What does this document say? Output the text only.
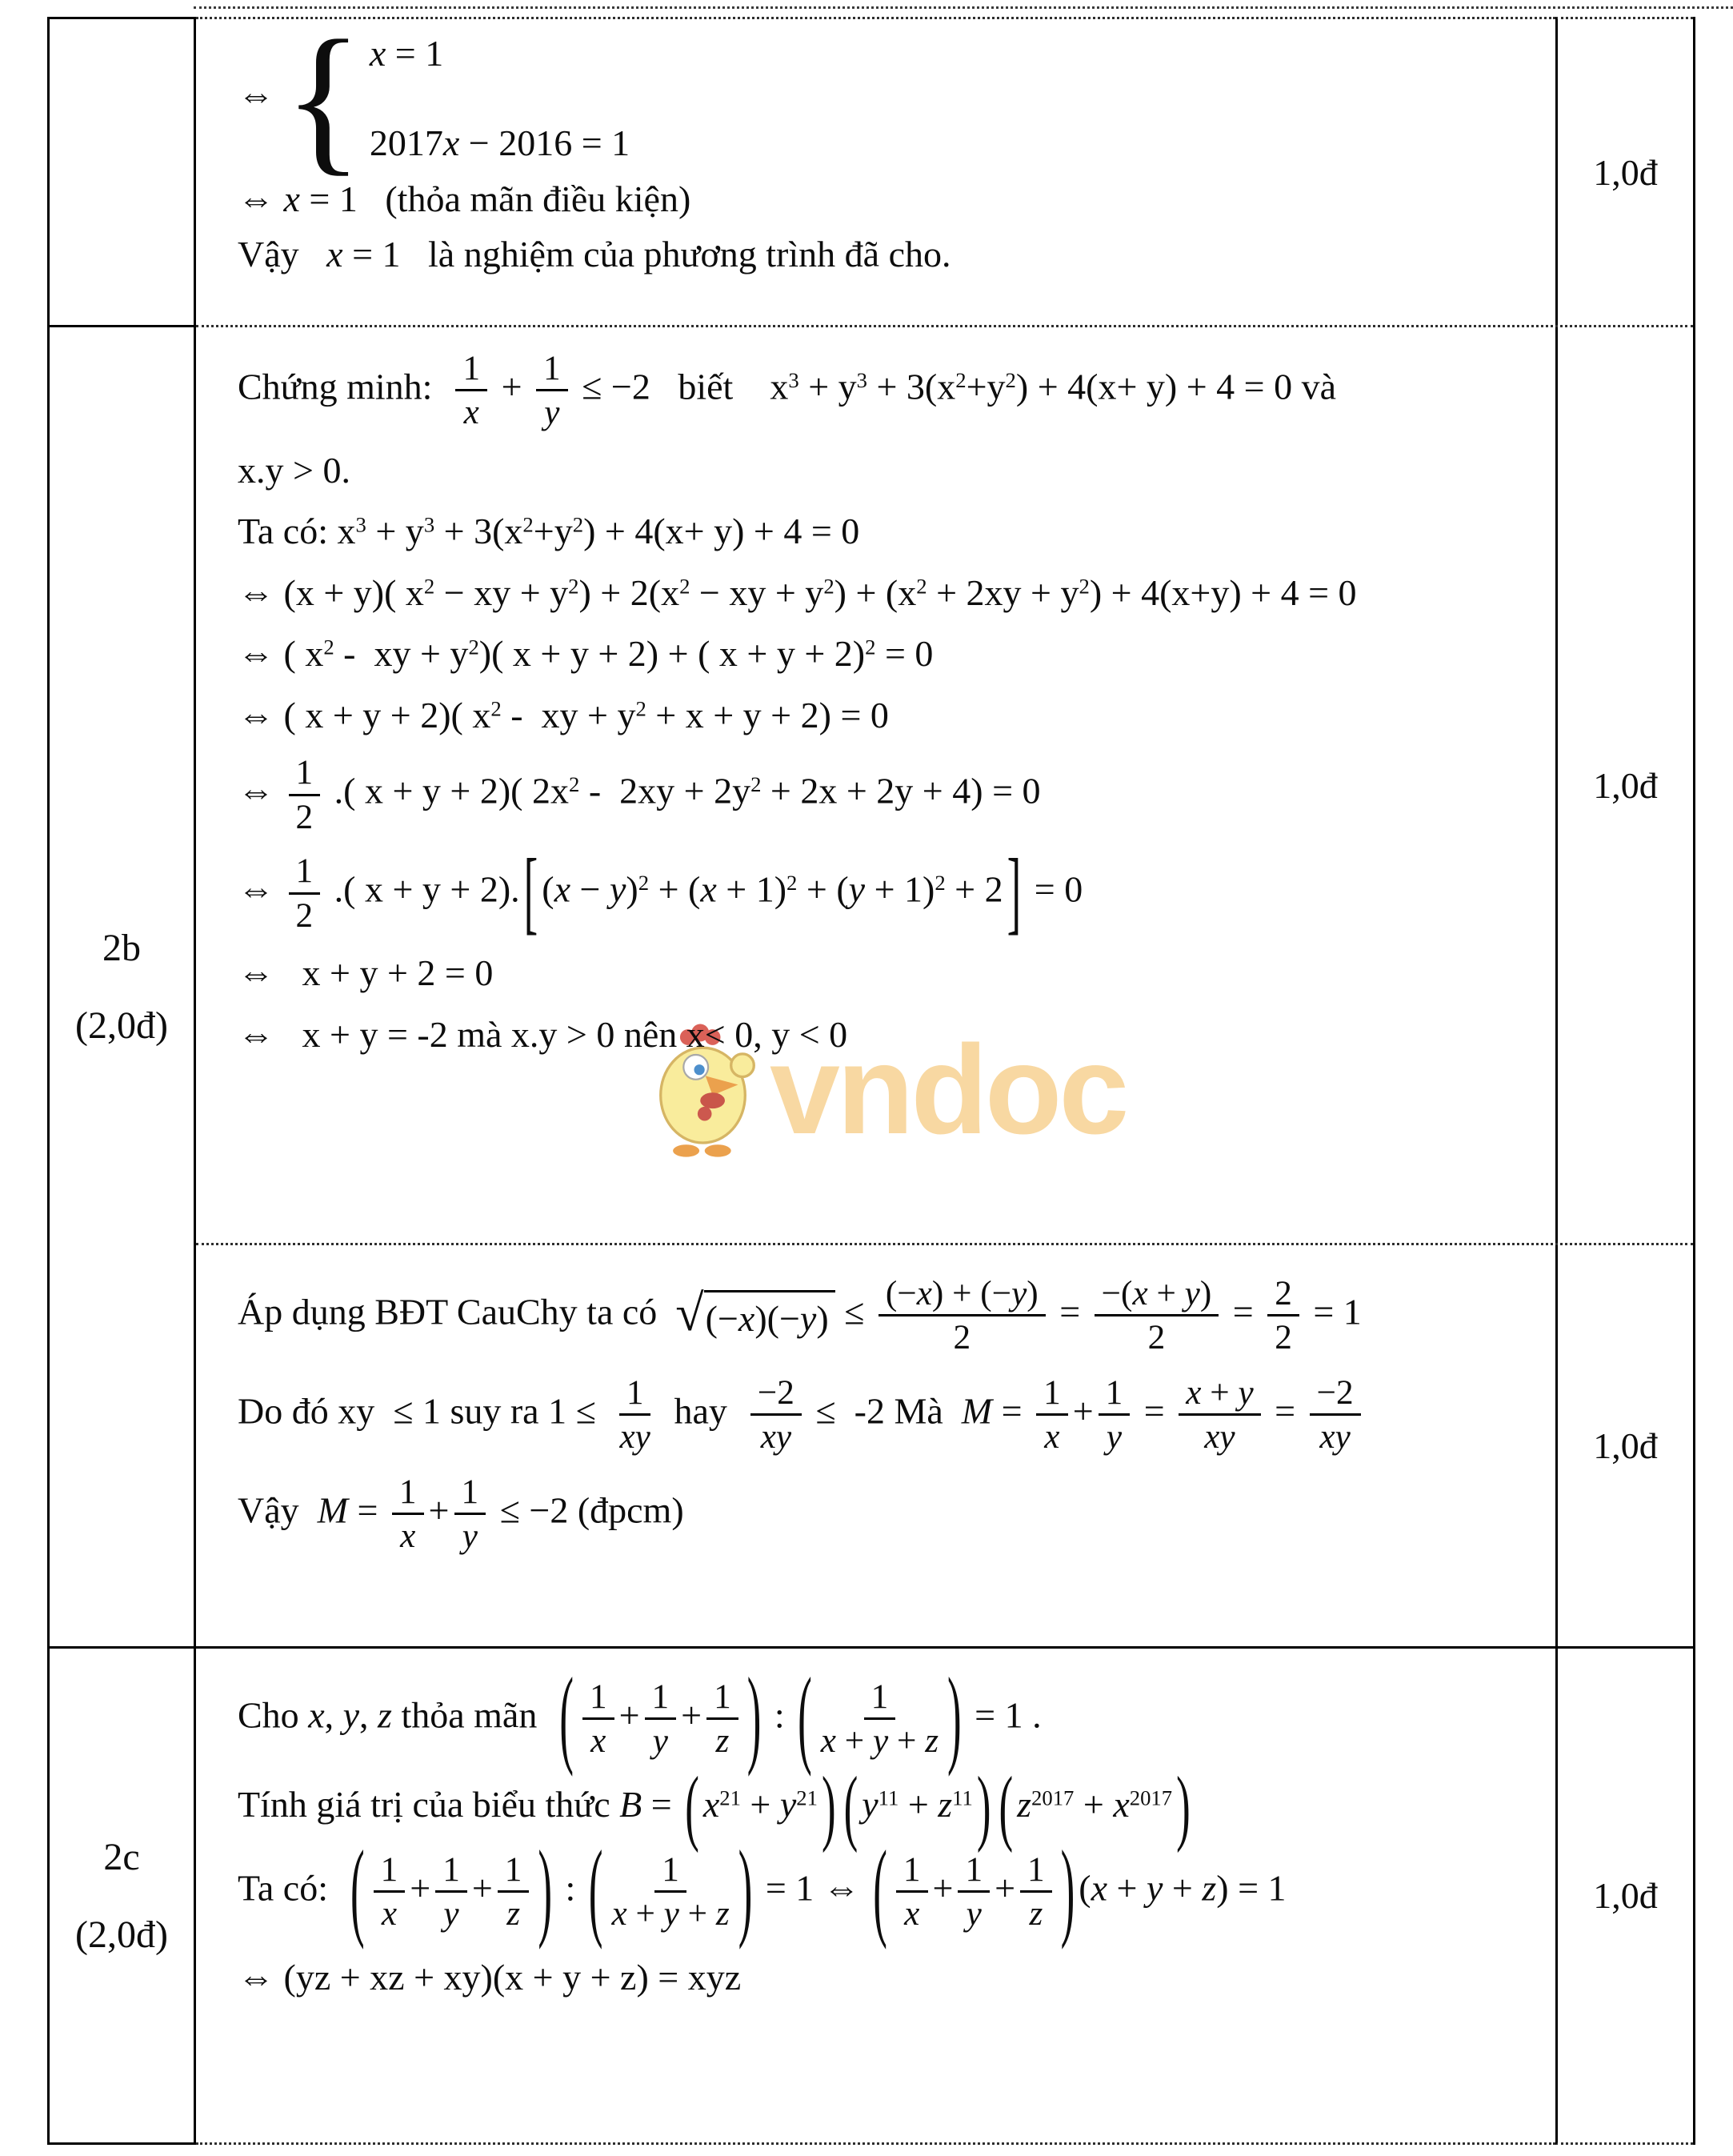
vndoc
⇔ { x = 1
2017x − 2016 = 1
⇔ x = 1   (thỏa mãn điều kiện)
Vậy   x = 1   là nghiệm của phương trình đã cho.
1,0đ
2b
(2,0đ)
Chứng minh: $\frac{1}{x} + \frac{1}{y} \le -2$   biết    $x^3 + y^3 + 3(x^2+y^2) + 4(x+ y) + 4 = 0$ và
x.y > 0.
Ta có: $x^3 + y^3 + 3(x^2+y^2) + 4(x+ y) + 4 = 0$
⇔ (x + y)( $x^2$ − xy + $y^2) + 2(x^2$ − xy + $y^2) + (x^2 + 2xy + y^2) + 4(x+y) + 4 = 0$
⇔ ( $x^2$ -  xy + $y^2$)( x + y + 2) + ( x + y + 2)$^2$ = 0
⇔ ( x + y + 2)( $x^2$ -  xy + $y^2 + x + y + 2) = 0$
⇔ $\frac{1}{2}$ .( x + y + 2)( $2x^2 - 2xy + 2y^2 + 2x + 2y + 4) = 0$
⇔ $\frac{1}{2}$ .( x + y + 2).[ $(x - y)^2 + (x + 1)^2 + (y + 1)^2 + 2] = 0$
⇔   x + y + 2 = 0
⇔   x + y = -2 mà x.y > 0 nên x< 0, y < 0
1,0đ
Áp dụng BĐT CauChy ta có √ $(-x)(-y) \le \frac{(-x) + (-y)}{2} = \frac{-(x + y)}{2} = \frac{2}{2} = 1$
Do đó xy  ≤ 1 suy ra $1 \le \frac{1}{xy}$ hay $\frac{-2}{xy} \le -2$ Mà  $M = \frac{1}{x} + \frac{1}{y} = \frac{x + y}{xy} = \frac{-2}{xy}$
Vậy  $M = \frac{1}{x} + \frac{1}{y} \le -2$ (đpcm)
1,0đ
2c
(2,0đ)
Cho x, y, z thỏa mãn  ( $\frac{1}{x} + \frac{1}{y} + \frac{1}{z}$ ) : ( $\frac{1}{x + y + z}$ ) = 1 .
Tính giá trị của biểu thức B = ( $x^{21} + y^{21}$) ( $y^{11} + z^{11}$) ( $z^{2017} + x^{2017}$)
Ta có:  ( $\frac{1}{x} + \frac{1}{y} + \frac{1}{z}$ ) : ( $\frac{1}{x + y + z}$ ) = 1 ⇔ ( $\frac{1}{x} + \frac{1}{y} + \frac{1}{z}$ ) (x + y + z) = 1
⇔ (yz + xz + xy)(x + y + z) = xyz
1,0đ
